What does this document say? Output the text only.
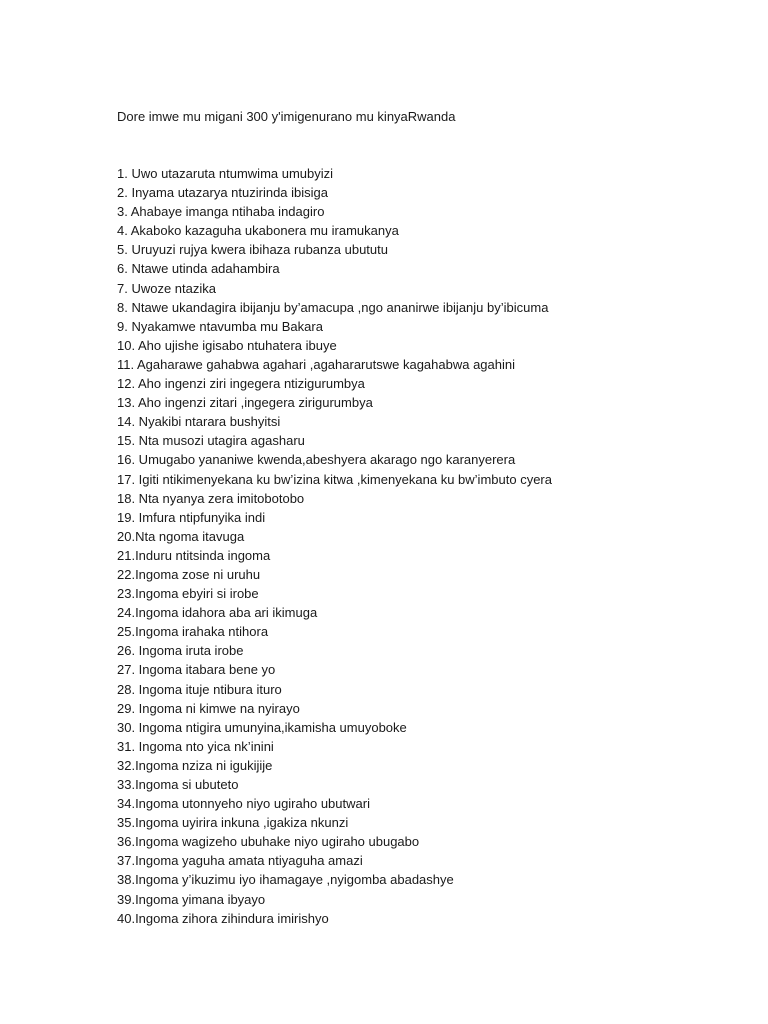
Dore imwe mu migani 300 y'imigenurano mu kinyaRwanda
1. Uwo utazaruta ntumwima umubyizi
2. Inyama utazarya ntuzirinda ibisiga
3. Ahabaye imanga ntihaba indagiro
4. Akaboko kazaguha ukabonera mu iramukanya
5. Uruyuzi rujya kwera ibihaza rubanza ubututu
6. Ntawe utinda adahambira
7. Uwoze ntazika
8. Ntawe ukandagira ibijanju by’amacupa ,ngo ananirwe ibijanju by’ibicuma
9. Nyakamwe ntavumba mu Bakara
10. Aho ujishe igisabo ntuhatera ibuye
11. Agaharawe gahabwa agahari ,agahararutswe kagahabwa agahini
12. Aho ingenzi ziri ingegera ntizigurumbya
13. Aho ingenzi zitari ,ingegera zirigurumbya
14. Nyakibi ntarara bushyitsi
15. Nta musozi utagira agasharu
16. Umugabo yananiwe kwenda,abeshyera akarago ngo karanyerera
17. Igiti ntikimenyekana ku bw’izina kitwa ,kimenyekana ku bw’imbuto cyera
18. Nta nyanya zera imitobotobo
19. Imfura ntipfunyika indi
20.Nta ngoma itavuga
21.Induru ntitsinda ingoma
22.Ingoma zose ni uruhu
23.Ingoma ebyiri si irobe
24.Ingoma idahora aba ari ikimuga
25.Ingoma irahaka ntihora
26. Ingoma iruta irobe
27. Ingoma itabara bene yo
28. Ingoma ituje ntibura ituro
29. Ingoma ni kimwe na nyirayo
30. Ingoma ntigira umunyina,ikamisha umuyoboke
31. Ingoma nto yica nk’inini
32.Ingoma nziza ni igukijije
33.Ingoma si ubuteto
34.Ingoma utonnyeho niyo ugiraho ubutwari
35.Ingoma uyirira inkuna ,igakiza nkunzi
36.Ingoma wagizeho ubuhake niyo ugiraho ubugabo
37.Ingoma yaguha amata ntiyaguha amazi
38.Ingoma y’ikuzimu iyo ihamagaye ,nyigomba abadashye
39.Ingoma yimana ibyayo
40.Ingoma zihora zihindura imirishyo
